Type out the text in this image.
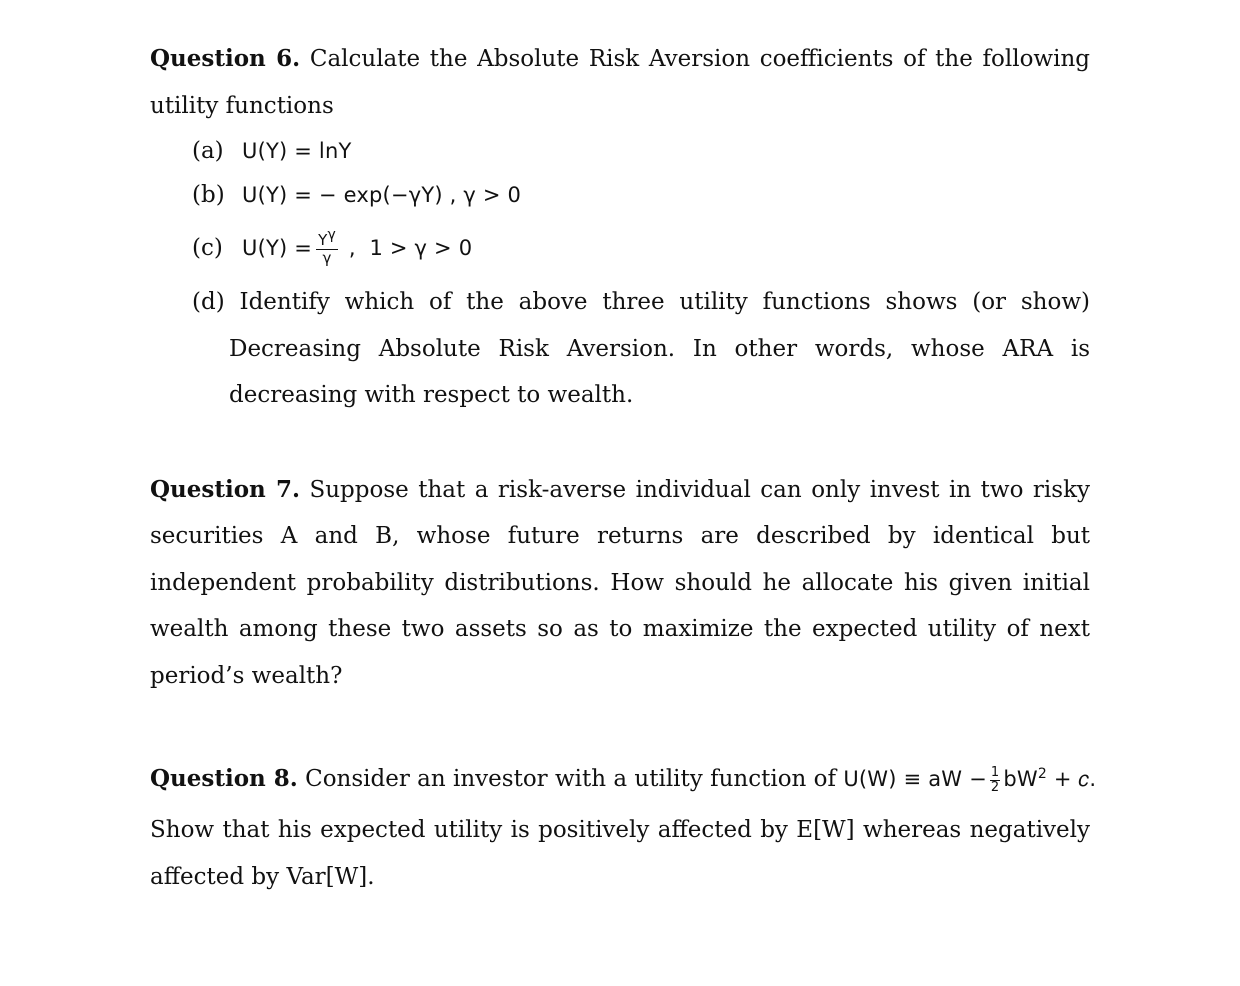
Question 6. Calculate the Absolute Risk Aversion coefficients of the following utility functions

(a) U(Y) = lnY
(b) U(Y) = − exp(−γY) , γ > 0
(c) $U(Y) = \frac{Y^\gamma}{\gamma}$ ,  1 > γ > 0
(d) Identify which of the above three utility functions shows (or show) Decreasing Absolute Risk Aversion. In other words, whose ARA is decreasing with respect to wealth.

Question 7. Suppose that a risk-averse individual can only invest in two risky securities A and B, whose future returns are described by identical but independent probability distributions. How should he allocate his given initial wealth among these two assets so as to maximize the expected utility of next period’s wealth?

Question 8. Consider an investor with a utility function of U(W) ≡ aW − $\frac{1}{2} bW^2$ + 𝑐.

Show that his expected utility is positively affected by E[W] whereas negatively affected by Var[W].
